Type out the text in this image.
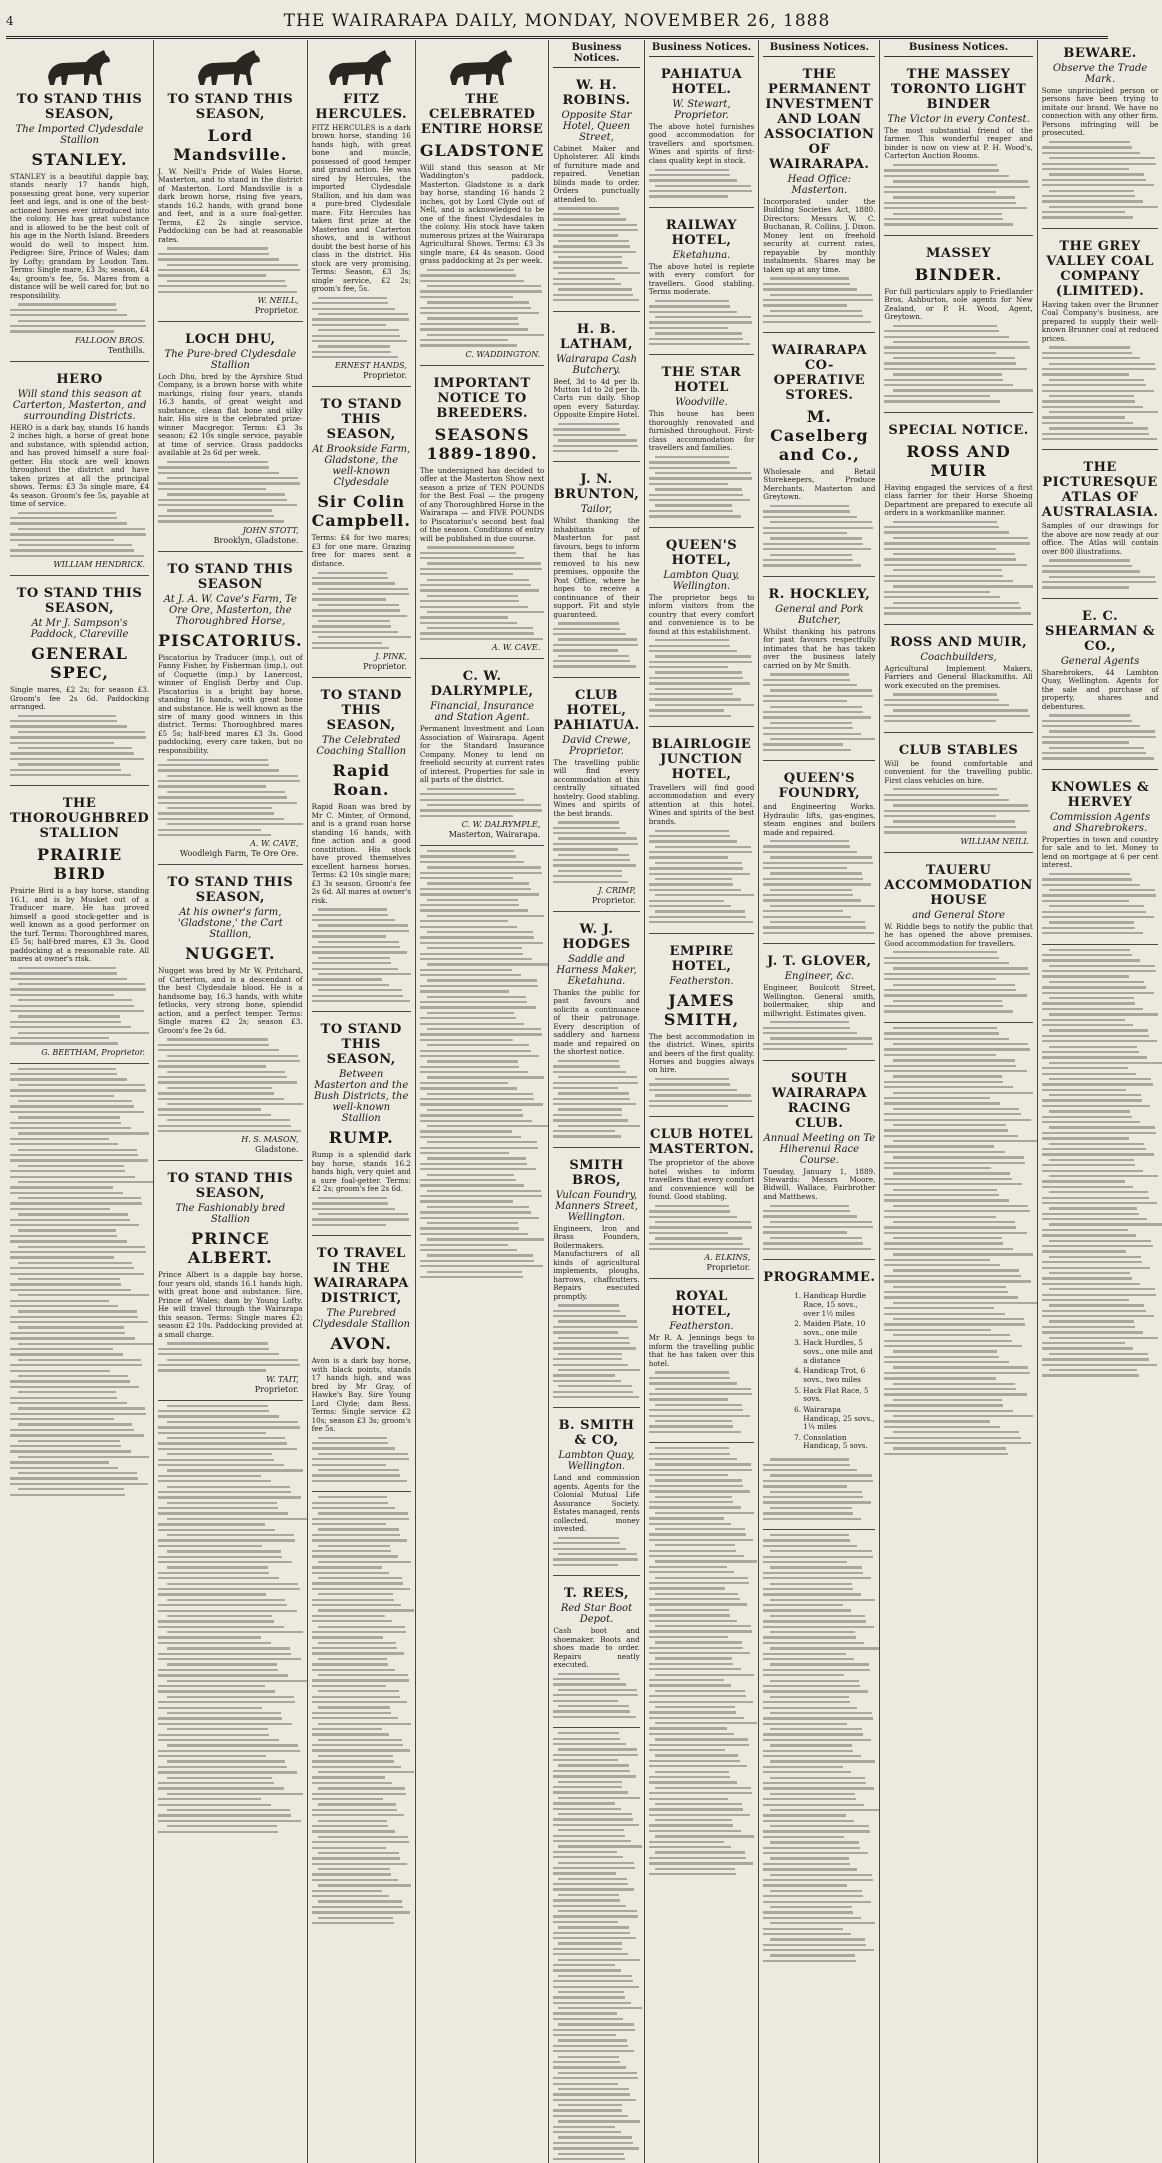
4	THE WAIRARAPA DAILY, MONDAY, NOVEMBER 26, 1888
TO STAND THIS SEASON,
The Imported Clydesdale Stallion
STANLEY.
STANLEY is a beautiful dapple bay, stands nearly 17 hands high, possessing great bone, very superior feet and legs, and is one of the best-actioned horses ever introduced into the colony. He has great substance and is allowed to be the best colt of his age in the North Island. Breeders would do well to inspect him. Pedigree: Sire, Prince of Wales; dam by Lofty; grandam by Loudon Tam. Terms: Single mare, £3 3s; season, £4 4s; groom's fee, 5s. Mares from a distance will be well cared for, but no responsibility.
FALLOON BROS.
Tenthills.
HERO
Will stand this season at Carterton, Masterton, and surrounding Districts.
HERO is a dark bay, stands 16 hands 2 inches high, a horse of great bone and substance, with splendid action, and has proved himself a sure foal-getter. His stock are well known throughout the district and have taken prizes at all the principal shows. Terms: £3 3s single mare, £4 4s season. Groom's fee 5s, payable at time of service.
WILLIAM HENDRICK.
TO STAND THIS SEASON,
At Mr J. Sampson's Paddock, Clareville
GENERAL SPEC,
Single mares, £2 2s; for season £3. Groom's fee 2s 6d. Paddocking arranged.
THE THOROUGHBRED STALLION
PRAIRIE BIRD
Prairie Bird is a bay horse, standing 16.1, and is by Musket out of a Traducer mare. He has proved himself a good stock-getter and is well known as a good performer on the turf. Terms: Thoroughbred mares, £5 5s; half-bred mares, £3 3s. Good paddocking at a reasonable rate. All mares at owner's risk.
G. BEETHAM, Proprietor.
TO STAND THIS SEASON,
Lord Mandsville.
J. W. Neill's Pride of Wales Horse, Masterton, and to stand in the district of Masterton. Lord Mandsville is a dark brown horse, rising five years, stands 16.2 hands, with grand bone and feet, and is a sure foal-getter. Terms, £2 2s single service. Paddocking can be had at reasonable rates.
W. NEILL,
Proprietor.
LOCH DHU,
The Pure-bred Clydesdale Stallion
Loch Dhu, bred by the Ayrshire Stud Company, is a brown horse with white markings, rising four years, stands 16.3 hands, of great weight and substance, clean flat bone and silky hair. His sire is the celebrated prize-winner Macgregor. Terms: £3 3s season; £2 10s single service, payable at time of service. Grass paddocks available at 2s 6d per week.
JOHN STOTT,
Brooklyn, Gladstone.
TO STAND THIS SEASON
At J. A. W. Cave's Farm, Te Ore Ore, Masterton, the Thoroughbred Horse,
PISCATORIUS.
Piscatorius by Traducer (imp.), out of Fanny Fisher, by Fisherman (imp.), out of Coquette (imp.) by Lanercost, winner of English Derby and Cup. Piscatorius is a bright bay horse, standing 16 hands, with great bone and substance. He is well known as the sire of many good winners in this district. Terms: Thoroughbred mares £5 5s; half-bred mares £3 3s. Good paddocking, every care taken, but no responsibility.
A. W. CAVE,
Woodleigh Farm, Te Ore Ore.
TO STAND THIS SEASON,
At his owner's farm, 'Gladstone,' the Cart Stallion,
NUGGET.
Nugget was bred by Mr W. Pritchard, of Carterton, and is a descendant of the best Clydesdale blood. He is a handsome bay, 16.3 hands, with white fetlocks, very strong bone, splendid action, and a perfect temper. Terms: Single mares £2 2s; season £3. Groom's fee 2s 6d.
H. S. MASON,
Gladstone.
TO STAND THIS SEASON,
The Fashionably bred Stallion
PRINCE ALBERT.
Prince Albert is a dapple bay horse, four years old, stands 16.1 hands high, with great bone and substance. Sire, Prince of Wales; dam by Young Lofty. He will travel through the Wairarapa this season. Terms: Single mares £2; season £2 10s. Paddocking provided at a small charge.
W. TAIT,
Proprietor.
FITZ HERCULES.
FITZ HERCULES is a dark brown horse, standing 16 hands high, with great bone and muscle, possessed of good temper and grand action. He was sired by Hercules, the imported Clydesdale Stallion, and his dam was a pure-bred Clydesdale mare. Fitz Hercules has taken first prize at the Masterton and Carterton shows, and is without doubt the best horse of his class in the district. His stock are very promising. Terms: Season, £3 3s; single service, £2 2s; groom's fee, 5s.
ERNEST HANDS,
Proprietor.
TO STAND THIS SEASON,
At Brookside Farm, Gladstone, the well-known Clydesdale
Sir Colin Campbell.
Terms: £4 for two mares; £3 for one mare. Grazing free for mares sent a distance.
J. PINK,
Proprietor.
TO STAND THIS SEASON,
The Celebrated Coaching Stallion
Rapid Roan.
Rapid Roan was bred by Mr C. Minter, of Ormond, and is a grand roan horse standing 16 hands, with fine action and a good constitution. His stock have proved themselves excellent harness horses. Terms: £2 10s single mare; £3 3s season. Groom's fee 2s 6d. All mares at owner's risk.
TO STAND THIS SEASON,
Between Masterton and the Bush Districts, the well-known Stallion
RUMP.
Rump is a splendid dark bay horse, stands 16.2 hands high, very quiet and a sure foal-getter. Terms: £2 2s; groom's fee 2s 6d.
TO TRAVEL IN THE WAIRARAPA DISTRICT,
The Purebred Clydesdale Stallion
AVON.
Avon is a dark bay horse, with black points, stands 17 hands high, and was bred by Mr Gray, of Hawke's Bay. Sire Young Lord Clyde; dam Bess. Terms: Single service £2 10s; season £3 3s; groom's fee 5s.
THE CELEBRATED ENTIRE HORSE
GLADSTONE
Will stand this season at Mr Waddington's paddock, Masterton. Gladstone is a dark bay horse, standing 16 hands 2 inches, got by Lord Clyde out of Nell, and is acknowledged to be one of the finest Clydesdales in the colony. His stock have taken numerous prizes at the Wairarapa Agricultural Shows. Terms: £3 3s single mare, £4 4s season. Good grass paddocking at 2s per week.
C. WADDINGTON.
IMPORTANT NOTICE TO BREEDERS.
SEASONS 1889-1890.
The undersigned has decided to offer at the Masterton Show next season a prize of TEN POUNDS for the Best Foal — the progeny of any Thoroughbred Horse in the Wairarapa — and FIVE POUNDS to Piscatorius's second best foal of the season. Conditions of entry will be published in due course.
A. W. CAVE.
C. W. DALRYMPLE,
Financial, Insurance and Station Agent.
Permanent Investment and Loan Association of Wairarapa. Agent for the Standard Insurance Company. Money to lend on freehold security at current rates of interest. Properties for sale in all parts of the district.
C. W. DALRYMPLE,
Masterton, Wairarapa.
Business Notices.
W. H. ROBINS.
Opposite Star Hotel, Queen Street,
Cabinet Maker and Upholsterer. All kinds of furniture made and repaired. Venetian blinds made to order. Orders punctually attended to.
H. B. LATHAM,
Wairarapa Cash Butchery.
Beef, 3d to 4d per lb. Mutton 1d to 2d per lb. Carts run daily. Shop open every Saturday. Opposite Empire Hotel.
J. N. BRUNTON,
Tailor,
Whilst thanking the inhabitants of Masterton for past favours, begs to inform them that he has removed to his new premises, opposite the Post Office, where he hopes to receive a continuance of their support. Fit and style guaranteed.
CLUB HOTEL, PAHIATUA.
David Crewe, Proprietor.
The travelling public will find every accommodation at this centrally situated hostelry. Good stabling. Wines and spirits of the best brands.
J. CRIMP,
Proprietor.
W. J. HODGES
Saddle and Harness Maker, Eketahuna.
Thanks the public for past favours and solicits a continuance of their patronage. Every description of saddlery and harness made and repaired on the shortest notice.
SMITH BROS,
Vulcan Foundry, Manners Street, Wellington.
Engineers, Iron and Brass Founders, Boilermakers. Manufacturers of all kinds of agricultural implements, ploughs, harrows, chaffcutters. Repairs executed promptly.
B. SMITH & CO,
Lambton Quay, Wellington.
Land and commission agents. Agents for the Colonial Mutual Life Assurance Society. Estates managed, rents collected, money invested.
T. REES,
Red Star Boot Depot.
Cash boot and shoemaker. Boots and shoes made to order. Repairs neatly executed.
Business Notices.
PAHIATUA HOTEL.
W. Stewart, Proprietor.
The above hotel furnishes good accommodation for travellers and sportsmen. Wines and spirits of first-class quality kept in stock.
RAILWAY HOTEL,
Eketahuna.
The above hotel is replete with every comfort for travellers. Good stabling. Terms moderate.
THE STAR HOTEL
Woodville.
This house has been thoroughly renovated and furnished throughout. First-class accommodation for travellers and families.
QUEEN'S HOTEL,
Lambton Quay, Wellington.
The proprietor begs to inform visitors from the country that every comfort and convenience is to be found at this establishment.
BLAIRLOGIE JUNCTION HOTEL,
Travellers will find good accommodation and every attention at this hotel. Wines and spirits of the best brands.
EMPIRE HOTEL,
Featherston.
JAMES SMITH,
The best accommodation in the district. Wines, spirits and beers of the first quality. Horses and buggies always on hire.
CLUB HOTEL MASTERTON.
The proprietor of the above hotel wishes to inform travellers that every comfort and convenience will be found. Good stabling.
A. ELKINS,
Proprietor.
ROYAL HOTEL,
Featherston.
Mr R. A. Jennings begs to inform the travelling public that he has taken over this hotel.
Business Notices.
THE PERMANENT INVESTMENT AND LOAN ASSOCIATION OF WAIRARAPA.
Head Office: Masterton.
Incorporated under the Building Societies Act, 1880. Directors: Messrs W. C. Buchanan, R. Collins, J. Dixon. Money lent on freehold security at current rates, repayable by monthly instalments. Shares may be taken up at any time.
WAIRARAPA CO-OPERATIVE STORES.
M. Caselberg and Co.,
Wholesale and Retail Storekeepers, Produce Merchants. Masterton and Greytown.
R. HOCKLEY,
General and Pork Butcher,
Whilst thanking his patrons for past favours respectfully intimates that he has taken over the business lately carried on by Mr Smith.
QUEEN'S FOUNDRY,
and Engineering Works. Hydraulic lifts, gas-engines, steam engines and boilers made and repaired.
J. T. GLOVER,
Engineer, &c.
Engineer, Boulcott Street, Wellington. General smith, boilermaker, ship and millwright. Estimates given.
SOUTH WAIRARAPA RACING CLUB.
Annual Meeting on Te Hiherenui Race Course.
Tuesday, January 1, 1889. Stewards: Messrs Moore, Bidwill, Wallace, Fairbrother and Matthews.
PROGRAMME.
1. Handicap Hurdle Race, 15 sovs., over 1½ miles
2. Maiden Plate, 10 sovs., one mile
3. Hack Hurdles, 5 sovs., one mile and a distance
4. Handicap Trot, 6 sovs., two miles
5. Hack Flat Race, 5 sovs.
6. Wairarapa Handicap, 25 sovs., 1¼ miles
7. Consolation Handicap, 5 sovs.
Business Notices.
THE MASSEY TORONTO LIGHT BINDER
The Victor in every Contest.
The most substantial friend of the farmer. This wonderful reaper and binder is now on view at P. H. Wood's, Carterton Auction Rooms.
MASSEY
BINDER.
For full particulars apply to Friedlander Bros, Ashburton, sole agents for New Zealand, or P. H. Wood, Agent, Greytown.
SPECIAL NOTICE.
ROSS AND MUIR
Having engaged the services of a first class farrier for their Horse Shoeing Department are prepared to execute all orders in a workmanlike manner.
ROSS AND MUIR,
Coachbuilders,
Agricultural Implement Makers, Farriers and General Blacksmiths. All work executed on the premises.
CLUB STABLES
Will be found comfortable and convenient for the travelling public. First class vehicles on hire.
WILLIAM NEILL
TAUERU ACCOMMODATION HOUSE
and General Store
W. Riddle begs to notify the public that he has opened the above premises. Good accommodation for travellers.
BEWARE.
Observe the Trade Mark.
Some unprincipled person or persons have been trying to imitate our brand. We have no connection with any other firm. Persons infringing will be prosecuted.
THE GREY VALLEY COAL COMPANY (LIMITED).
Having taken over the Brunner Coal Company's business, are prepared to supply their well-known Brunner coal at reduced prices.
THE PICTURESQUE ATLAS OF AUSTRALASIA.
Samples of our drawings for the above are now ready at our office. The Atlas will contain over 800 illustrations.
E. C. SHEARMAN & CO.,
General Agents
Sharebrokers, 44 Lambton Quay, Wellington. Agents for the sale and purchase of property, shares and debentures.
KNOWLES & HERVEY
Commission Agents and Sharebrokers.
Properties in town and country for sale and to let. Money to lend on mortgage at 6 per cent interest.
